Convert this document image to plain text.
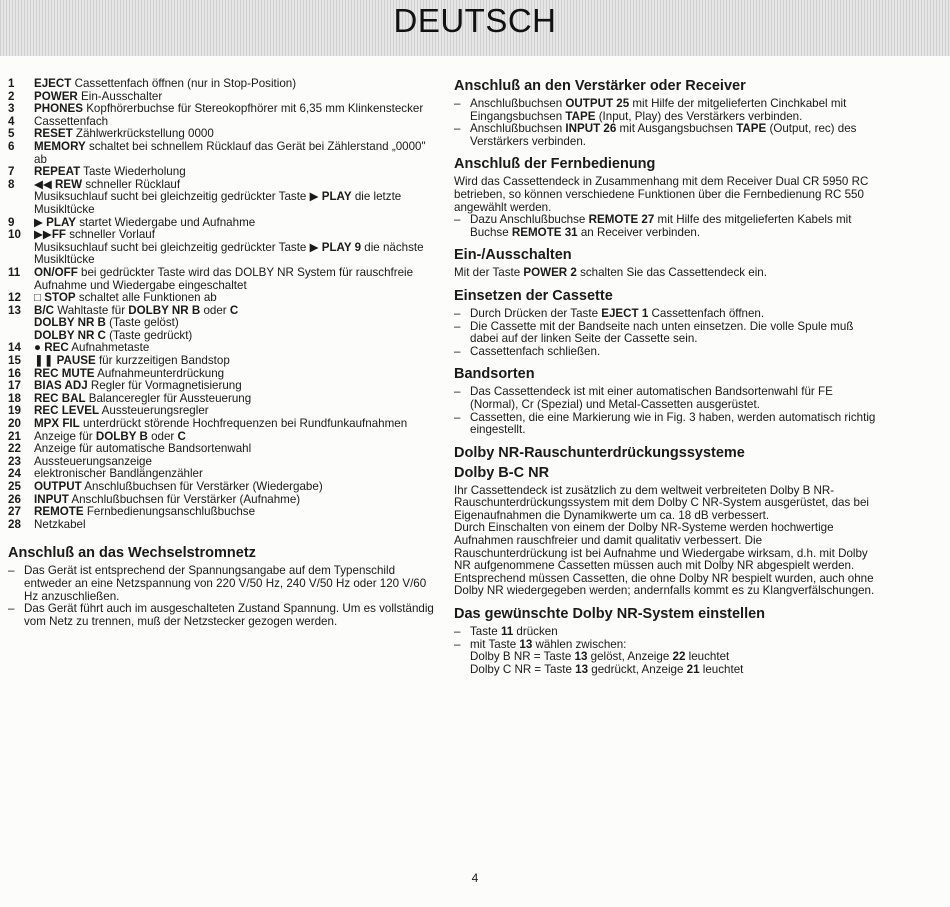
DEUTSCH
1	EJECT Cassettenfach öffnen (nur in Stop-Position)
2	POWER Ein-Ausschalter
3	PHONES Kopfhörerbuchse für Stereokopfhörer mit 6,35 mm Klinkenstecker
4	Cassettenfach
5	RESET Zählwerkrückstellung 0000
6	MEMORY schaltet bei schnellem Rücklauf das Gerät bei Zählerstand „0000" ab
7	REPEAT Taste Wiederholung
8	◀◀ REW schneller Rücklauf
Musiksuchlauf sucht bei gleichzeitig gedrückter Taste ▶ PLAY die letzte Musikltücke
9	▶ PLAY startet Wiedergabe und Aufnahme
10	▶▶FF schneller Vorlauf
Musiksuchlauf sucht bei gleichzeitig gedrückter Taste ▶ PLAY 9 die nächste Musikltücke
11	ON/OFF bei gedrückter Taste wird das DOLBY NR System für rauschfreie Aufnahme und Wiedergabe eingeschaltet
12	□ STOP schaltet alle Funktionen ab
13	B/C Wahltaste für DOLBY NR B oder C
DOLBY NR B (Taste gelöst)
DOLBY NR C (Taste gedrückt)
14	● REC Aufnahmetaste
15	❚❚ PAUSE für kurzzeitigen Bandstop
16	REC MUTE Aufnahmeunterdrückung
17	BIAS ADJ Regler für Vormagnetisierung
18	REC BAL Balanceregler für Aussteuerung
19	REC LEVEL Aussteuerungsregler
20	MPX FIL unterdrückt störende Hochfrequenzen bei Rundfunkaufnahmen
21	Anzeige für DOLBY B oder C
22	Anzeige für automatische Bandsortenwahl
23	Aussteuerungsanzeige
24	elektronischer Bandlängenzähler
25	OUTPUT Anschlußbuchsen für Verstärker (Wiedergabe)
26	INPUT Anschlußbuchsen für Verstärker (Aufnahme)
27	REMOTE Fernbedienungsanschlußbuchse
28	Netzkabel
Anschluß an das Wechselstromnetz
– Das Gerät ist entsprechend der Spannungsangabe auf dem Typenschild entweder an eine Netzspannung von 220 V/50 Hz, 240 V/50 Hz oder 120 V/60 Hz anzuschließen.
– Das Gerät führt auch im ausgeschalteten Zustand Spannung. Um es vollständig vom Netz zu trennen, muß der Netzstecker gezogen werden.
Anschluß an den Verstärker oder Receiver
– Anschlußbuchsen OUTPUT 25 mit Hilfe der mitgelieferten Cinchkabel mit Eingangsbuchsen TAPE (Input, Play) des Verstärkers verbinden.
– Anschlußbuchsen INPUT 26 mit Ausgangsbuchsen TAPE (Output, rec) des Verstärkers verbinden.
Anschluß der Fernbedienung

Wird das Cassettendeck in Zusammenhang mit dem Receiver Dual CR 5950 RC betrieben, so können verschiedene Funktionen über die Fernbedienung RC 550 angewählt werden.

– Dazu Anschlußbuchse REMOTE 27 mit Hilfe des mitgelieferten Kabels mit Buchse REMOTE 31 an Receiver verbinden.
Ein-/Ausschalten

Mit der Taste POWER 2 schalten Sie das Cassettendeck ein.

Einsetzen der Cassette
– Durch Drücken der Taste EJECT 1 Cassettenfach öffnen.
– Die Cassette mit der Bandseite nach unten einsetzen. Die volle Spule muß dabei auf der linken Seite der Cassette sein.
– Cassettenfach schließen.
Bandsorten
– Das Cassettendeck ist mit einer automatischen Bandsortenwahl für FE (Normal), Cr (Spezial) und Metal-Cassetten ausgerüstet.
– Cassetten, die eine Markierung wie in Fig. 3 haben, werden automatisch richtig eingestellt.
Dolby NR-Rauschunterdrückungssysteme
Dolby B-C NR

Ihr Cassettendeck ist zusätzlich zu dem weltweit verbreiteten Dolby B NR-Rauschunterdrückungssystem mit dem Dolby C NR-System ausgerüstet, das bei Eigenaufnahmen die Dynamikwerte um ca. 18 dB verbessert.

Durch Einschalten von einem der Dolby NR-Systeme werden hochwertige Aufnahmen rauschfreier und damit qualitativ verbessert. Die Rauschunterdrückung ist bei Aufnahme und Wiedergabe wirksam, d.h. mit Dolby NR aufgenommene Cassetten müssen auch mit Dolby NR abgespielt werden. Entsprechend müssen Cassetten, die ohne Dolby NR bespielt wurden, auch ohne Dolby NR wiedergegeben werden; andernfalls kommt es zu Klangverfälschungen.

Das gewünschte Dolby NR-System einstellen
– Taste 11 drücken
– mit Taste 13 wählen zwischen:

Dolby B NR = Taste 13 gelöst, Anzeige 22 leuchtet

Dolby C NR = Taste 13 gedrückt, Anzeige 21 leuchtet

4
